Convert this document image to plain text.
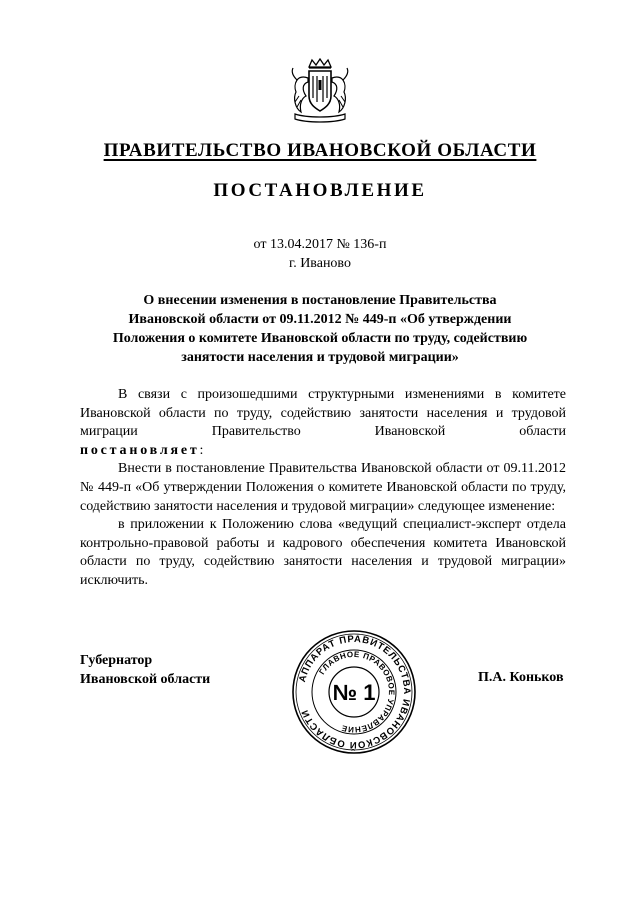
ПРАВИТЕЛЬСТВО ИВАНОВСКОЙ ОБЛАСТИ
ПОСТАНОВЛЕНИЕ
от 13.04.2017 № 136-п
г. Иваново
О внесении изменения в постановление Правительства
Ивановской области от 09.11.2012 № 449-п «Об утверждении
Положения о комитете Ивановской области по труду, содействию
занятости населения и трудовой миграции»

В связи с произошедшими структурными изменениями в комитете Ивановской области по труду, содействию занятости населения и трудовой миграции Правительство Ивановской области

постановляет:

Внести в постановление Правительства Ивановской области от 09.11.2012 № 449-п «Об утверждении Положения о комитете Ивановской области по труду, содействию занятости населения и трудовой миграции» следующее изменение:

в приложении к Положению слова «ведущий специалист-эксперт отдела контрольно-правовой работы и кадрового обеспечения комитета Ивановской области по труду, содействию занятости населения и трудовой миграции» исключить.

Губернатор
Ивановской области	АППАРАТ ПРАВИТЕЛЬСТВА ИВАНОВСКОЙ ОБЛАСТИ
ГЛАВНОЕ ПРАВОВОЕ УПРАВЛЕНИЕ
№ 1
П.А. Коньков
